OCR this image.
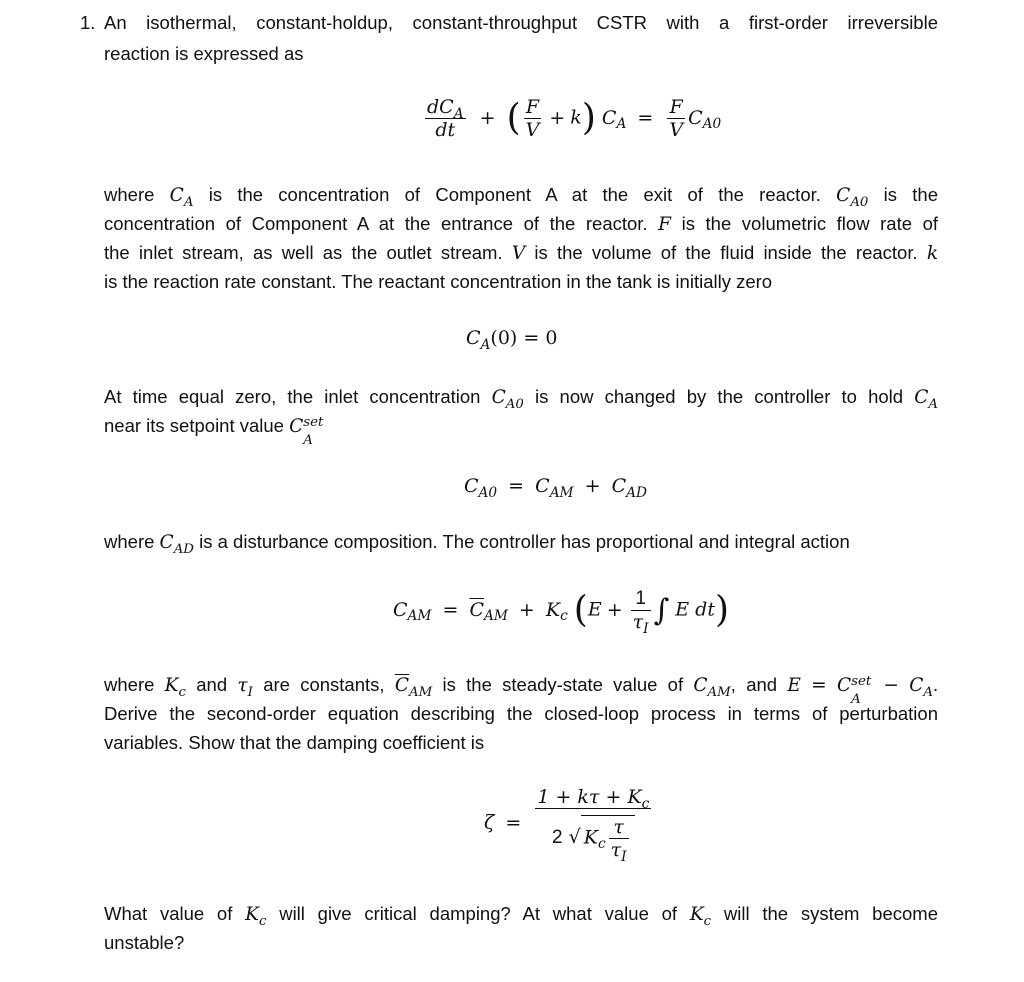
1. An isothermal, constant-holdup, constant-throughput CSTR with a first-order irreversible
reaction is expressed as
$\frac{dC_A}{dt}$ + ( $\frac{F}{V} + k$) $C_A = \frac{F}{V} C_{A0}$
where $C_A$ is the concentration of Component A at the exit of the reactor. $C_{A0}$ is the
concentration of Component A at the entrance of the reactor. F is the volumetric flow rate of
the inlet stream, as well as the outlet stream. V is the volume of the fluid inside the reactor. k
is the reaction rate constant. The reactant concentration in the tank is initially zero
$C_A(0) = 0$
At time equal zero, the inlet concentration $C_{A0}$ is now changed by the controller to hold $C_A$
near its setpoint value C set
A
$C_{A0} = C_{AM} + C_{AD}$
where $C_{AD}$ is a disturbance composition. The controller has proportional and integral action
$C_{AM} = \overline{C}_{AM} + K_c$ ($E + \frac{1}{\tau_I}$ ∫ E dt)
where $K_c$ and $\tau_I$ are constants, $\overline{C}_{AM}$ is the steady-state value of $C_{AM}$, and E = C set
A
− $C_A$.
Derive the second-order equation describing the closed-loop process in terms of perturbation
variables. Show that the damping coefficient is
$\zeta = \frac{1 + k\tau + K_c}{2 √ K_c \frac{\tau}{\tau_I}}$
What value of $K_c$ will give critical damping? At what value of $K_c$ will the system become
unstable?
